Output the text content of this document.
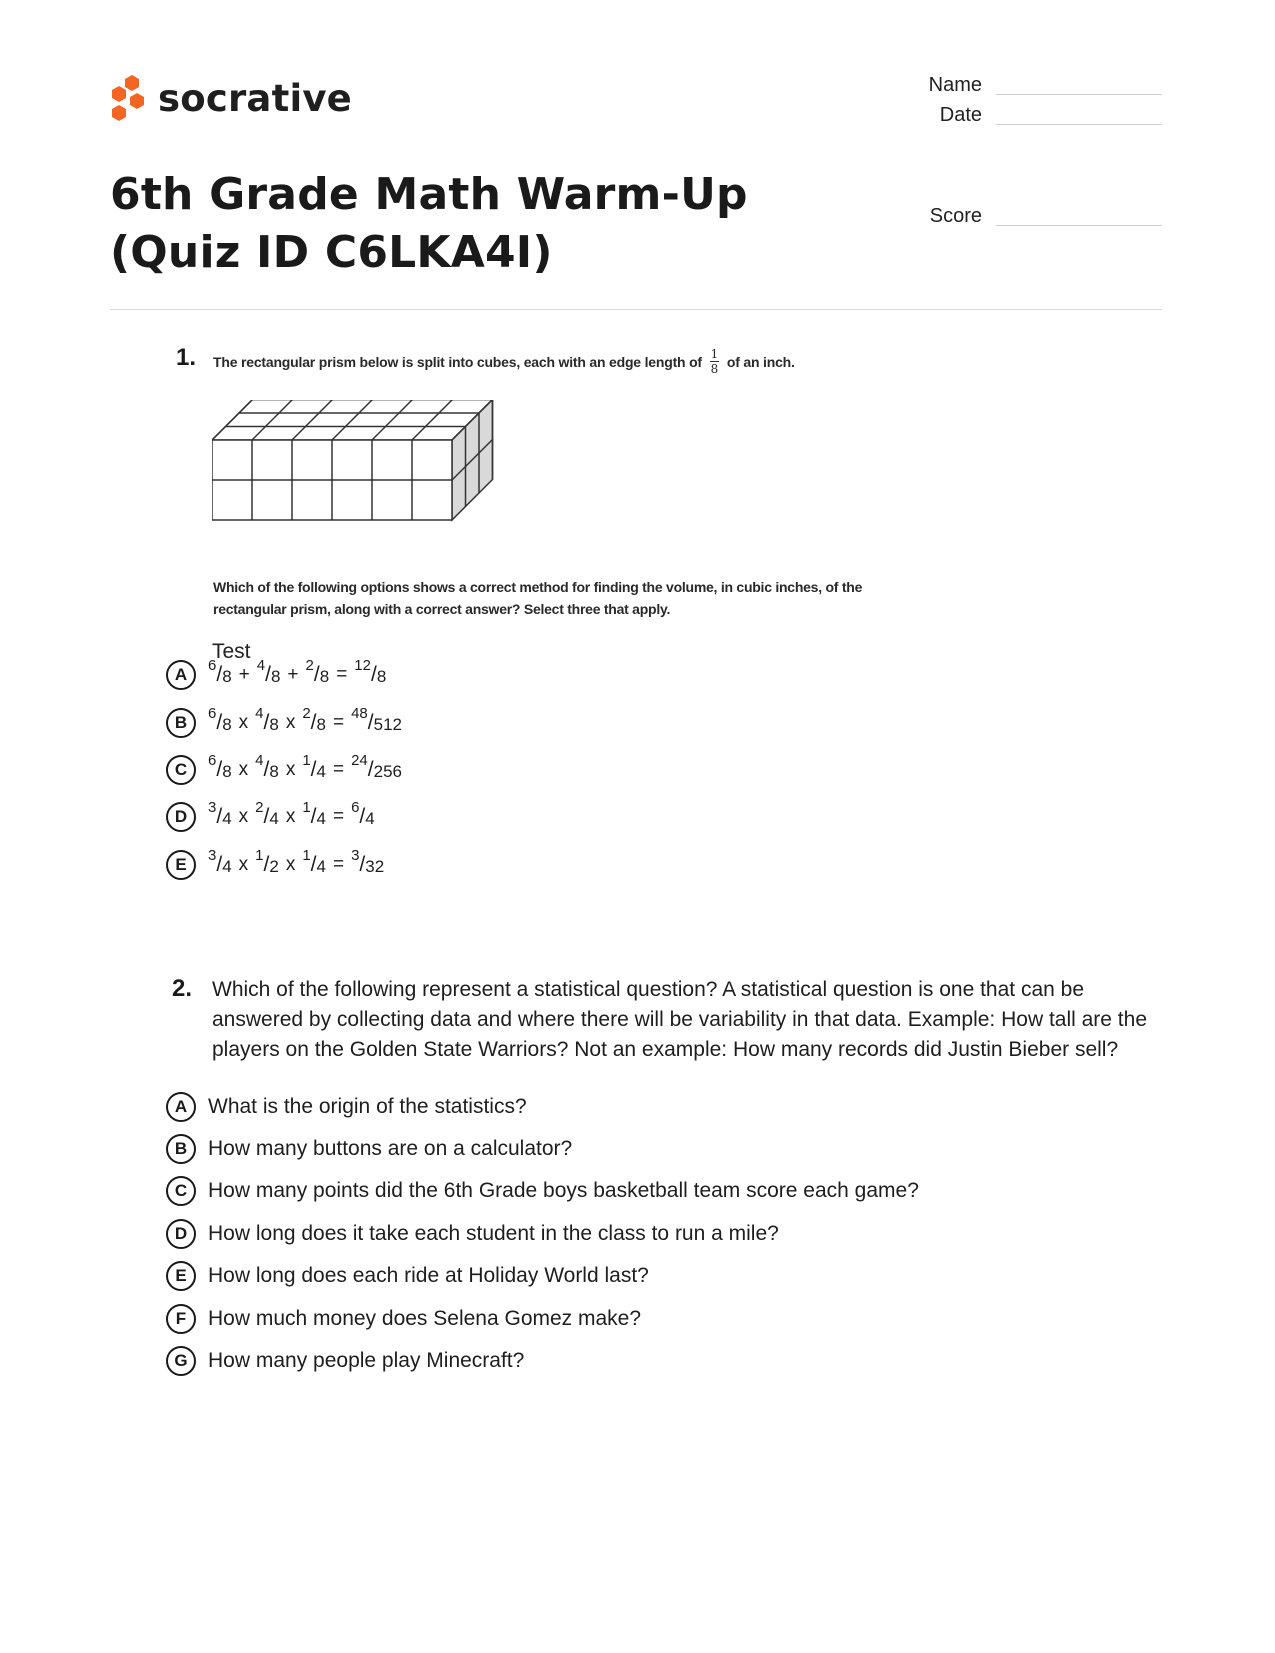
socrative	Name
Date
Score
6th Grade Math Warm-Up (Quiz ID C6LKA4I)
1. The rectangular prism below is split into cubes, each with an edge length of $\frac{1}{8}$ of an inch.
Which of the following options shows a correct method for finding the volume, in cubic inches, of the rectangular prism, along with a correct answer? Select three that apply.
Test
A	$^6$ $/_8 + ^4$ $/_8 + ^2$ $/_8 = ^{12}$ $/_8$
B	$^6$ $/_8$ x $^4$ $/_8$ x $^2$ $/_8 = ^{48}$ $/_{512}$
C	$^6$ $/_8$ x $^4$ $/_8$ x $^1$ $/_4 = ^{24}$ $/_{256}$
D	$^3$ $/_4$ x $^2$ $/_4$ x $^1$ $/_4 = ^6$ $/_4$
E	$^3$ $/_4$ x $^1$ $/_2$ x $^1$ $/_4 = ^3$ $/_{32}$
2. Which of the following represent a statistical question? A statistical question is one that can be answered by collecting data and where there will be variability in that data. Example: How tall are the players on the Golden State Warriors? Not an example: How many records did Justin Bieber sell?
A What is the origin of the statistics?
B How many buttons are on a calculator?
C How many points did the 6th Grade boys basketball team score each game?
D How long does it take each student in the class to run a mile?
E	How long does each ride at Holiday World last?
F	How much money does Selena Gomez make?
G How many people play Minecraft?
